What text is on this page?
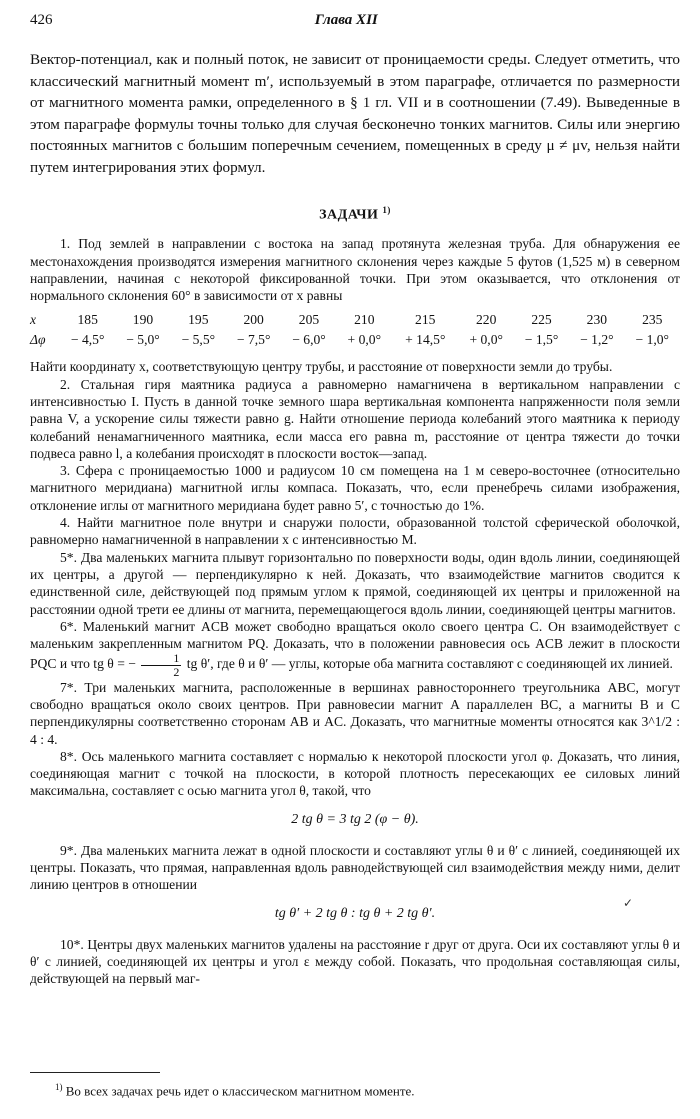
426	Глава XII

Вектор-потенциал, как и полный поток, не зависит от проницаемости среды. Следует отметить, что классический магнитный момент m′, используемый в этом параграфе, отличается по размерности от магнитного момента рамки, определенного в § 1 гл. VII и в соотношении (7.49). Выведенные в этом параграфе формулы точны только для случая бесконечно тонких магнитов. Силы или энергию постоянных магнитов с большим поперечным сечением, помещенных в среду μ ≠ μv, нельзя найти путем интегрирования этих формул.

ЗАДАЧИ $^{1)}$

1. Под землей в направлении с востока на запад протянута железная труба. Для обнаружения ее местонахождения производятся измерения магнитного склонения через каждые 5 футов (1,525 м) в северном направлении, начиная с некоторой фиксированной точки. При этом оказывается, что отклонения от нормального склонения 60° в зависимости от x равны

x	185	190	195	200	205	210	215	220	225	230	235
Δφ	− 4,5°	− 5,0°	− 5,5°	− 7,5°	− 6,0°	+ 0,0°	+ 14,5°	+ 0,0°	− 1,5°	− 1,2°	− 1,0°

Найти координату x, соответствующую центру трубы, и расстояние от поверхности земли до трубы.

2. Стальная гиря маятника радиуса a равномерно намагничена в вертикальном направлении с интенсивностью I. Пусть в данной точке земного шара вертикальная компонента напряженности поля земли равна V, а ускорение силы тяжести равно g. Найти отношение периода колебаний этого маятника к периоду колебаний ненамагниченного маятника, если масса его равна m, расстояние от центра тяжести до точки подвеса равно l, а колебания происходят в плоскости восток—запад.

3. Сфера с проницаемостью 1000 и радиусом 10 см помещена на 1 м северо-восточнее (относительно магнитного меридиана) магнитной иглы компаса. Показать, что, если пренебречь силами изображения, отклонение иглы от магнитного меридиана будет равно 5′, с точностью до 1%.

4. Найти магнитное поле внутри и снаружи полости, образованной толстой сферической оболочкой, равномерно намагниченной в направлении x с интенсивностью M.

5*. Два маленьких магнита плывут горизонтально по поверхности воды, один вдоль линии, соединяющей их центры, а другой — перпендикулярно к ней. Доказать, что взаимодействие магнитов сводится к единственной силе, действующей под прямым углом к прямой, соединяющей их центры и приложенной на расстоянии одной трети ее длины от магнита, перемещающегося вдоль линии, соединяющей центры магнитов.

6*. Маленький магнит ACB может свободно вращаться около своего центра C. Он взаимодействует с маленьким закрепленным магнитом PQ. Доказать, что в положении равновесия ось ACB лежит в плоскости PQC и что tg θ = − $\frac{1}{2}$ tg θ′, где θ и θ′ — углы, которые оба магнита составляют с соединяющей их линией.

7*. Три маленьких магнита, расположенные в вершинах равностороннего треугольника ABC, могут свободно вращаться около своих центров. При равновесии магнит A параллелен BC, а магниты B и C перпендикулярны соответственно сторонам AB и AC. Доказать, что магнитные моменты относятся как 3^1/2 : 4 : 4.

8*. Ось маленького магнита составляет с нормалью к некоторой плоскости угол φ. Доказать, что линия, соединяющая магнит с точкой на плоскости, в которой плотность пересекающих ее силовых линий максимальна, составляет с осью магнита угол θ, такой, что

2 tg θ = 3 tg 2 (φ − θ).

9*. Два маленьких магнита лежат в одной плоскости и составляют углы θ и θ′ с линией, соединяющей их центры. Показать, что прямая, направленная вдоль равнодействующей сил взаимодействия между ними, делит линию центров в отношении

tg θ′ + 2 tg θ : tg θ + 2 tg θ′.

10*. Центры двух маленьких магнитов удалены на расстояние r друг от друга. Оси их составляют углы θ и θ′ с линией, соединяющей их центры и угол ε между собой. Показать, что продольная составляющая силы, действующей на первый маг-

✓
$^{1)}$ Во всех задачах речь идет о классическом магнитном моменте.
